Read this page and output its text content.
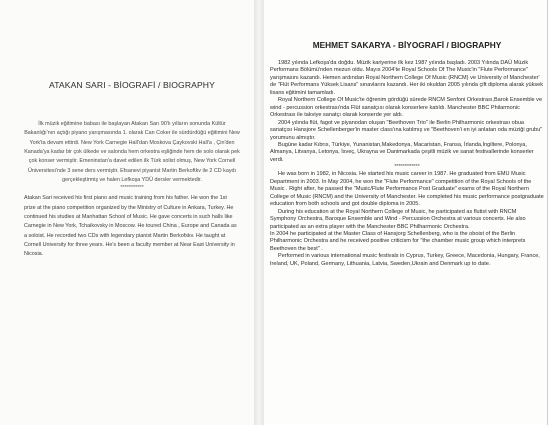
ATAKAN SARI - BİOGRAFİ / BIOGRAPHY

İlk müzik eğitimine babası ile başlayan Atakan Sarı 90'lı yılların sonunda Kültür Bakanlığı'nın açtığı piyano yarışmasında 1. olarak Can Coker ile sürdürdüğü eğitimini New York'ta devam ettirdi. New York Carnegie Hall'dan Moskova Çaykovski Hall'a , Çin'den Kanada'ya kadar bir çok ülkede ve salonda hem orkestra eşliğinde hem de solo olarak pek çok konser vermiştir. Emeninstan'a davet edilen ilk Türk solist olmuş, New York Cornell Üniversitesi'nde 3 sene ders vermiştir. Efsanevi piyanist Martin Berkoftkv ile 2 CD kaydı gerçekleştirmiş ve halen Lefkoşa YDÜ dersler vermektedir.

************

Atakan Sari received his first piano and music training from his father. He won the 1st prize at the piano competition organized by the Ministry of Culture in Ankara, Turkey. He continued his studies at Manhattan School of Music. He gave concerts in such halls like Carnegie in New York, Tchaikovsky in Moscow. He toured China , Europe and Canada as a soloist. He recorded two CDs with legendary pianist Martin Berkofskv. He taught at Cornell University for three years. He's been a faculty member at Near East University in Nicosia.

MEHMET SAKARYA - BİYOGRAFİ / BIOGRAPHY

1982 yılında Lefkoşa'da doğdu. Müzik kariyerine ilk kez 1987 yılında başladı. 2003 Yılında DAÜ Müzik Performans Bölümü'nden mezun oldu. Mayıs 2004'te Royal Schools Of The Music'in "Flute Performance" yarışmasını kazandı. Hemen ardından Royal Northern College Of Music (RNCM) ve University of Manchester' de "Flüt Performans Yüksek Lisans" sınavlarını kazandı. Her iki okuldan 2005 yılında çift diploma alarak yüksek lisans eğitimini tamamladı.

Royal Northern College Of Music'te öğrenim gördüğü sürede RNCM Senfoni Orkestrası,Barok Ensemble ve wind - percussion orkestrası'nda Flüt sanatçısı olarak konserlere katıldı. Manchester BBC Philarmonic Orkestrası ile takviye sanatçı olarak konserde yer aldı.

2004 yılında flüt, fagot ve piyanodan oluşan "Beethoven Trio" ile Berlin Philharmonic orkestrası obua sanatçısı Hansjore Schellenberger'in master class'ına katılmış ve "Beethoven'i en iyi anlatan oda müziği grubu" yorumunu almıştır.

Bugüne kadar Kıbrıs, Türkiye, Yunanistan,Makedonya, Macaristan, Fransa, İrlanda,İngiltere, Polonya, Almanya, Litvanya, Letonya, İsveç, Ukrayna ve Danimarkada çeşitli müzik ve sanat festivallerinde konserler verdi.

*************

He was born in 1982, in Nicosia. He started his music career in 1987. He graduated from EMU Music Department in 2003. In May 2004, he won the "Flute Performance" competition of the Royal Schools of the Music . Right after, he passed the "Music/Flute Performance Post Graduate" exams of the Royal Northern College of Music (RNCM) and the University of Manchester. He completed his music performance postgraduate education from both schools and got double diploma in 2005.

During his education at the Royal Northern College of Music, he participated as flutist with RNCM Symphony Orchestra, Baroque Ensemble and Wind - Percussion Orchestra at various concerts. He also participated as an extra player with the Manchester BBC Philharmonic Orchestra.

In 2004 he participated at the Master Class of Hansjorg Schellenberg, who is the oboist of the Berlin Philharmonic Orchestra and he received positive criticism for "the chamber music group which interprets Beethoven the best" .

Performed in various international music festivals in Cyprus, Turkey, Greece, Macedonia, Hungary, France, Ireland, UK, Poland, Germany, Lithuania, Latvia, Sweden,Ukrain and Denmark up to date.
